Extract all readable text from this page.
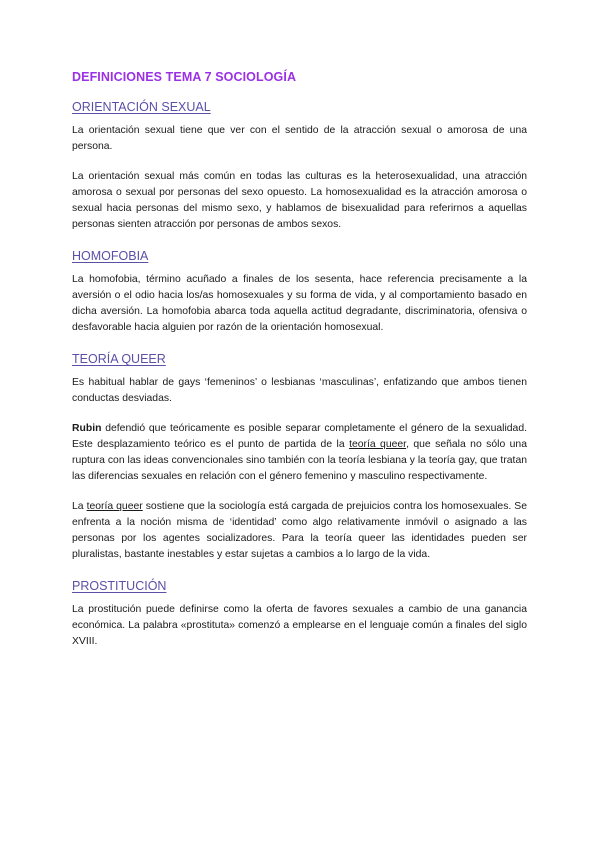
DEFINICIONES TEMA 7 SOCIOLOGÍA
ORIENTACIÓN SEXUAL

La orientación sexual tiene que ver con el sentido de la atracción sexual o amorosa de una persona.

La orientación sexual más común en todas las culturas es la heterosexualidad, una atracción amorosa o sexual por personas del sexo opuesto. La homosexualidad es la atracción amorosa o sexual hacia personas del mismo sexo, y hablamos de bisexualidad para referirnos a aquellas personas sienten atracción por personas de ambos sexos.

HOMOFOBIA

La homofobia, término acuñado a finales de los sesenta, hace referencia precisamente a la aversión o el odio hacia los/as homosexuales y su forma de vida, y al comportamiento basado en dicha aversión. La homofobia abarca toda aquella actitud degradante, discriminatoria, ofensiva o desfavorable hacia alguien por razón de la orientación homosexual.

TEORÍA QUEER

Es habitual hablar de gays ‘femeninos’ o lesbianas ‘masculinas’, enfatizando que ambos tienen conductas desviadas.

Rubin defendió que teóricamente es posible separar completamente el género de la sexualidad. Este desplazamiento teórico es el punto de partida de la teoría queer, que señala no sólo una ruptura con las ideas convencionales sino también con la teoría lesbiana y la teoría gay, que tratan las diferencias sexuales en relación con el género femenino y masculino respectivamente.

La teoría queer sostiene que la sociología está cargada de prejuicios contra los homosexuales. Se enfrenta a la noción misma de ‘identidad’ como algo relativamente inmóvil o asignado a las personas por los agentes socializadores. Para la teoría queer las identidades pueden ser pluralistas, bastante inestables y estar sujetas a cambios a lo largo de la vida.

PROSTITUCIÓN

La prostitución puede definirse como la oferta de favores sexuales a cambio de una ganancia económica. La palabra «prostituta» comenzó a emplearse en el lenguaje común a finales del siglo XVIII.
